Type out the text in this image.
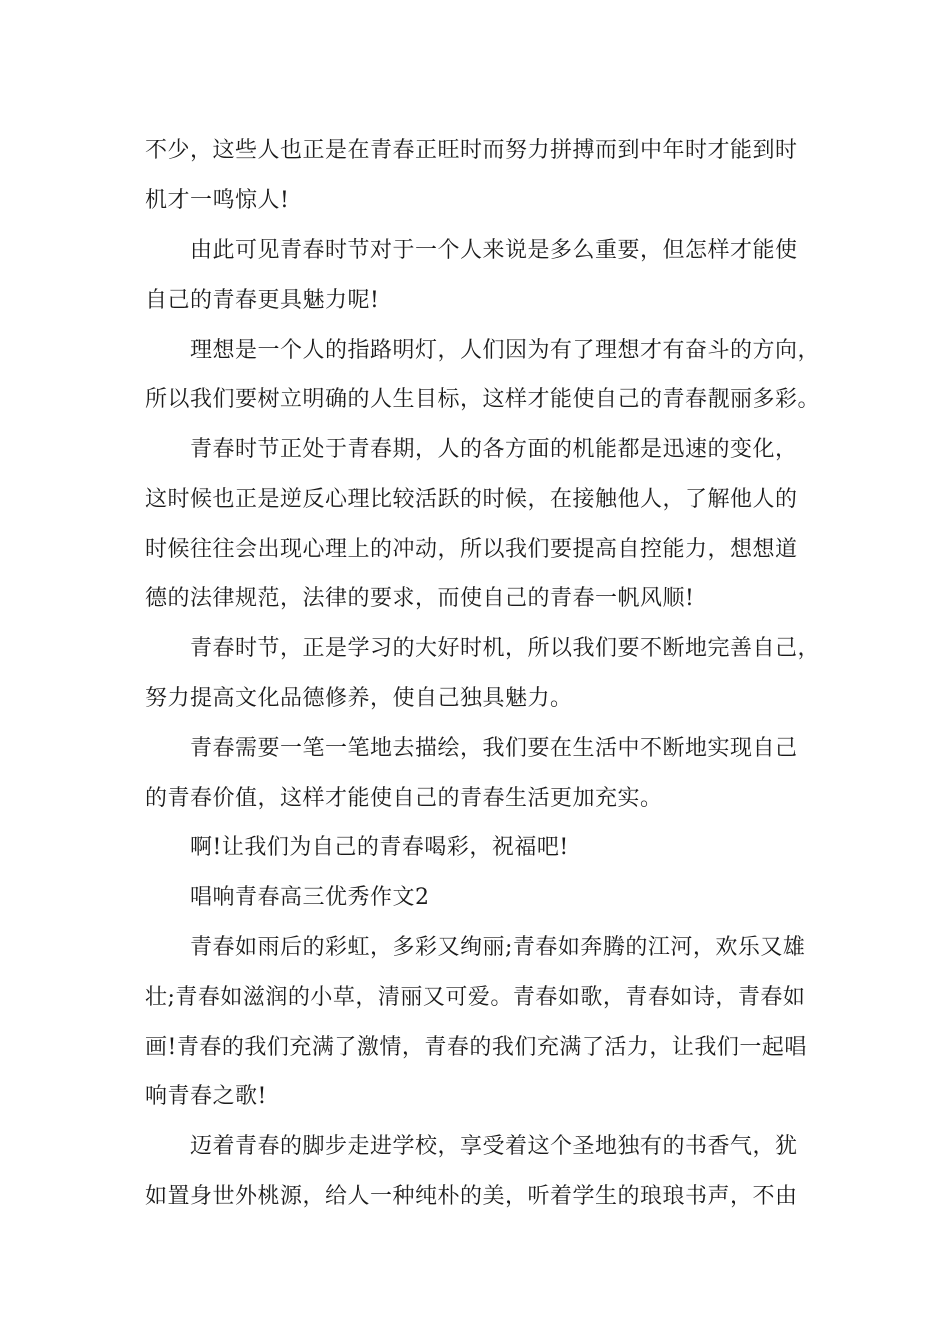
不少，这些人也正是在青春正旺时而努力拼搏而到中年时才能到时
机才一鸣惊人!
由此可见青春时节对于一个人来说是多么重要，但怎样才能使
自己的青春更具魅力呢!
理想是一个人的指路明灯，人们因为有了理想才有奋斗的方向，
所以我们要树立明确的人生目标，这样才能使自己的青春靓丽多彩。
青春时节正处于青春期，人的各方面的机能都是迅速的变化，
这时候也正是逆反心理比较活跃的时候，在接触他人，了解他人的
时候往往会出现心理上的冲动，所以我们要提高自控能力，想想道
德的法律规范，法律的要求，而使自己的青春一帆风顺!
青春时节，正是学习的大好时机，所以我们要不断地完善自己，
努力提高文化品德修养，使自己独具魅力。
青春需要一笔一笔地去描绘，我们要在生活中不断地实现自己
的青春价值，这样才能使自己的青春生活更加充实。
啊!让我们为自己的青春喝彩，祝福吧!
唱响青春高三优秀作文2
青春如雨后的彩虹，多彩又绚丽;青春如奔腾的江河，欢乐又雄
壮;青春如滋润的小草，清丽又可爱。青春如歌，青春如诗，青春如
画!青春的我们充满了激情，青春的我们充满了活力，让我们一起唱
响青春之歌!
迈着青春的脚步走进学校，享受着这个圣地独有的书香气，犹
如置身世外桃源，给人一种纯朴的美，听着学生的琅琅书声，不由
